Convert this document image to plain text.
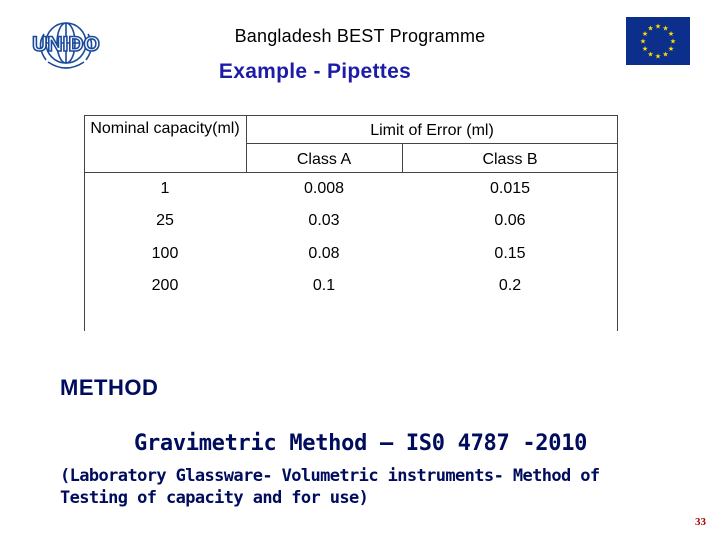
UNIDO
★ ★
★
★
★
★
★
★
★
★
★
★
Bangladesh BEST Programme
Example - Pipettes
Nominal capacity(ml)	Limit of Error (ml)
Class A	Class B
1	0.008	0.015
25	0.03	0.06
100	0.08	0.15
200	0.1	0.2
METHOD
Gravimetric Method – IS0 4787 -2010
(Laboratory Glassware- Volumetric instruments- Method of
Testing of capacity and for use)
33
